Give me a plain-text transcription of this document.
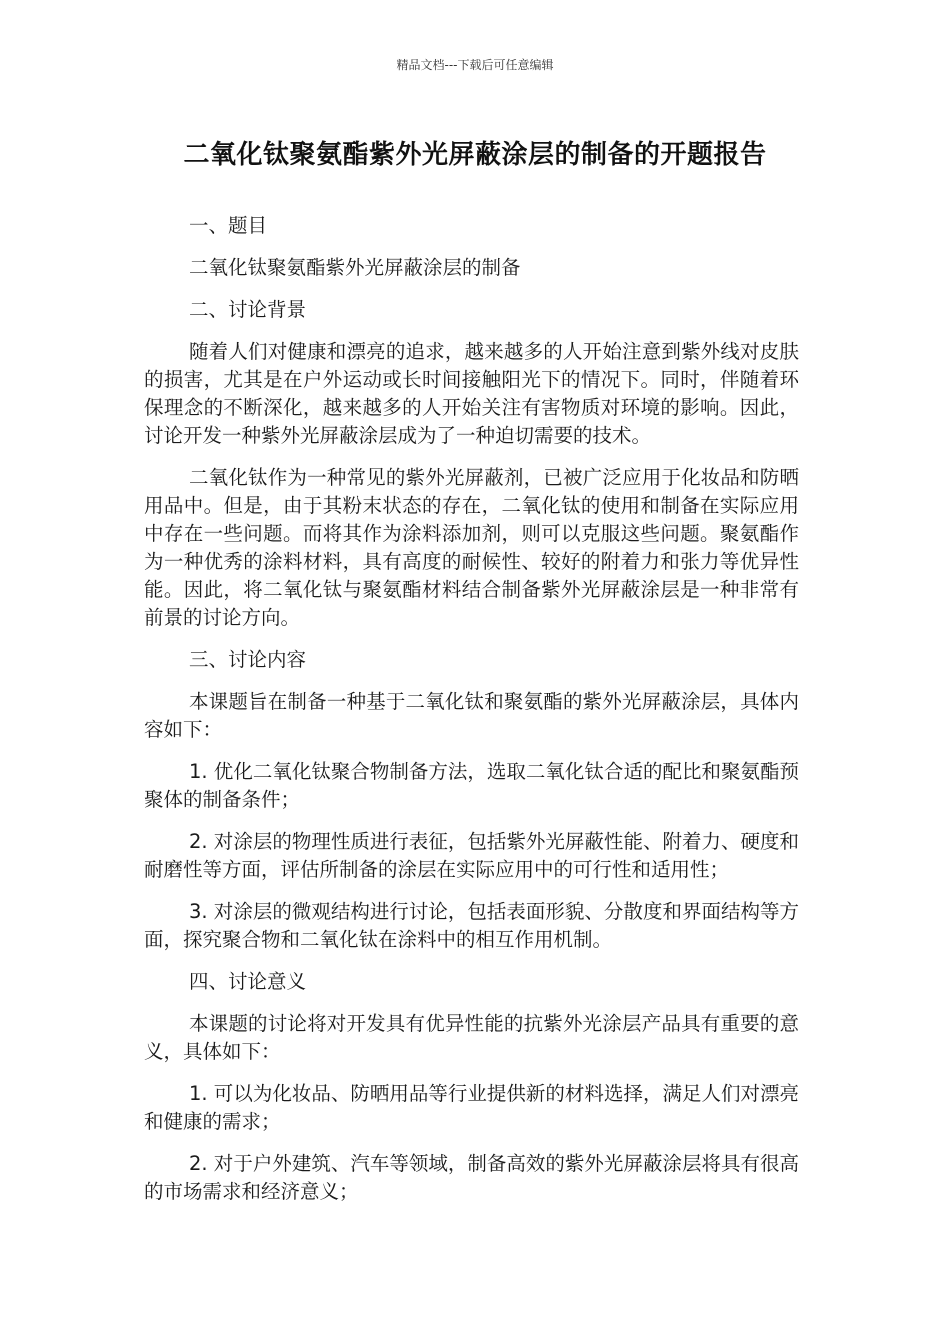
精品文档---下载后可任意编辑
二氧化钛聚氨酯紫外光屏蔽涂层的制备的开题报告

一、题目

二氧化钛聚氨酯紫外光屏蔽涂层的制备

二、讨论背景

随着人们对健康和漂亮的追求，越来越多的人开始注意到紫外线对皮肤的损害，尤其是在户外运动或长时间接触阳光下的情况下。同时，伴随着环保理念的不断深化，越来越多的人开始关注有害物质对环境的影响。因此，讨论开发一种紫外光屏蔽涂层成为了一种迫切需要的技术。

二氧化钛作为一种常见的紫外光屏蔽剂，已被广泛应用于化妆品和防晒用品中。但是，由于其粉末状态的存在，二氧化钛的使用和制备在实际应用中存在一些问题。而将其作为涂料添加剂，则可以克服这些问题。聚氨酯作为一种优秀的涂料材料，具有高度的耐候性、较好的附着力和张力等优异性能。因此，将二氧化钛与聚氨酯材料结合制备紫外光屏蔽涂层是一种非常有前景的讨论方向。

三、讨论内容

本课题旨在制备一种基于二氧化钛和聚氨酯的紫外光屏蔽涂层，具体内容如下：

1. 优化二氧化钛聚合物制备方法，选取二氧化钛合适的配比和聚氨酯预聚体的制备条件；

2. 对涂层的物理性质进行表征，包括紫外光屏蔽性能、附着力、硬度和耐磨性等方面，评估所制备的涂层在实际应用中的可行性和适用性；

3. 对涂层的微观结构进行讨论，包括表面形貌、分散度和界面结构等方面，探究聚合物和二氧化钛在涂料中的相互作用机制。

四、讨论意义

本课题的讨论将对开发具有优异性能的抗紫外光涂层产品具有重要的意义，具体如下：

1. 可以为化妆品、防晒用品等行业提供新的材料选择，满足人们对漂亮和健康的需求；

2. 对于户外建筑、汽车等领域，制备高效的紫外光屏蔽涂层将具有很高的市场需求和经济意义；
